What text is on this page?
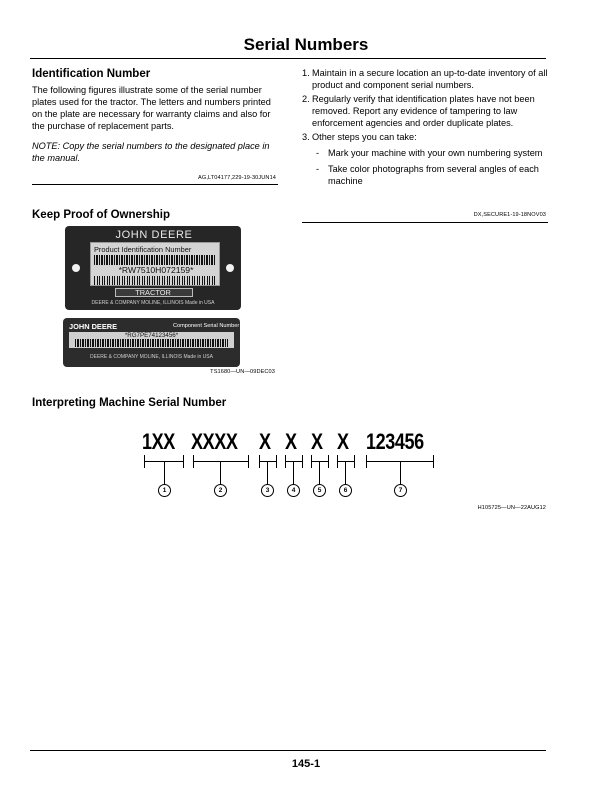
Serial Numbers
Identification Number
The following figures illustrate some of the serial number plates used for the tractor. The letters and numbers printed on the plate are necessary for warranty claims and also for the purchase of replacement parts.
NOTE: Copy the serial numbers to the designated place in the manual.
AG,LT04177,229-19-30JUN14
Keep Proof of Ownership
JOHN DEERE
Product Identification Number
*RW7510H072159*
TRACTOR
DEERE & COMPANY MOLINE, ILLINOIS Made in USA
JOHN DEERE	Component Serial Number
*RG7PE74123456*
DEERE & COMPANY MOLINE, ILLINOIS Made in USA
TS1680—UN—09DEC03
1. Maintain in a secure location an up-to-date inventory of all product and component serial numbers.
2. Regularly verify that identification plates have not been removed. Report any evidence of tampering to law enforcement agencies and order duplicate plates.
3. Other steps you can take:
- Mark your machine with your own numbering system
- Take color photographs from several angles of each machine
DX,SECURE1-19-18NOV03
Interpreting Machine Serial Number
1XX XXXX X X X X 123456
1	2	3	4	5	6	7
H105725—UN—22AUG12
145-1
